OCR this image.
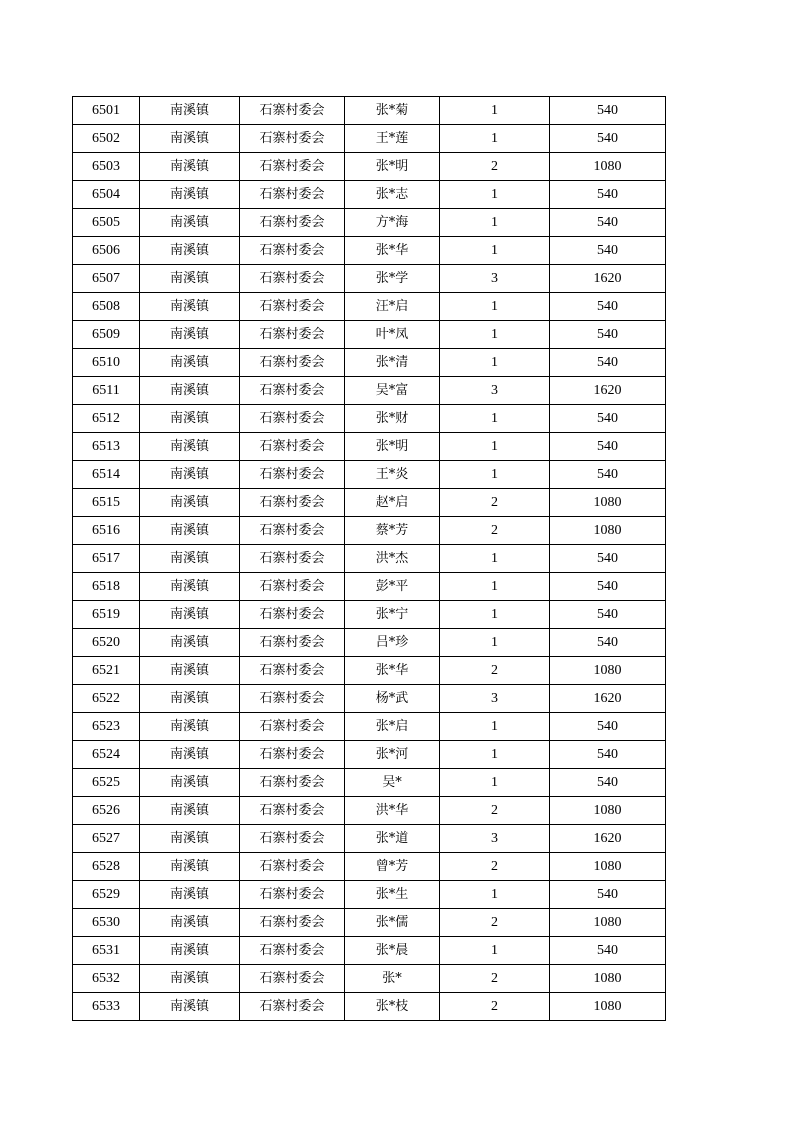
6501	南溪镇	石寨村委会	张*菊	1	540
6502	南溪镇	石寨村委会	王*莲	1	540
6503	南溪镇	石寨村委会	张*明	2	1080
6504	南溪镇	石寨村委会	张*志	1	540
6505	南溪镇	石寨村委会	方*海	1	540
6506	南溪镇	石寨村委会	张*华	1	540
6507	南溪镇	石寨村委会	张*学	3	1620
6508	南溪镇	石寨村委会	汪*启	1	540
6509	南溪镇	石寨村委会	叶*凤	1	540
6510	南溪镇	石寨村委会	张*清	1	540
6511	南溪镇	石寨村委会	吴*富	3	1620
6512	南溪镇	石寨村委会	张*财	1	540
6513	南溪镇	石寨村委会	张*明	1	540
6514	南溪镇	石寨村委会	王*炎	1	540
6515	南溪镇	石寨村委会	赵*启	2	1080
6516	南溪镇	石寨村委会	蔡*芳	2	1080
6517	南溪镇	石寨村委会	洪*杰	1	540
6518	南溪镇	石寨村委会	彭*平	1	540
6519	南溪镇	石寨村委会	张*宁	1	540
6520	南溪镇	石寨村委会	吕*珍	1	540
6521	南溪镇	石寨村委会	张*华	2	1080
6522	南溪镇	石寨村委会	杨*武	3	1620
6523	南溪镇	石寨村委会	张*启	1	540
6524	南溪镇	石寨村委会	张*河	1	540
6525	南溪镇	石寨村委会	吴*	1	540
6526	南溪镇	石寨村委会	洪*华	2	1080
6527	南溪镇	石寨村委会	张*道	3	1620
6528	南溪镇	石寨村委会	曾*芳	2	1080
6529	南溪镇	石寨村委会	张*生	1	540
6530	南溪镇	石寨村委会	张*儒	2	1080
6531	南溪镇	石寨村委会	张*晨	1	540
6532	南溪镇	石寨村委会	张*	2	1080
6533	南溪镇	石寨村委会	张*枝	2	1080
